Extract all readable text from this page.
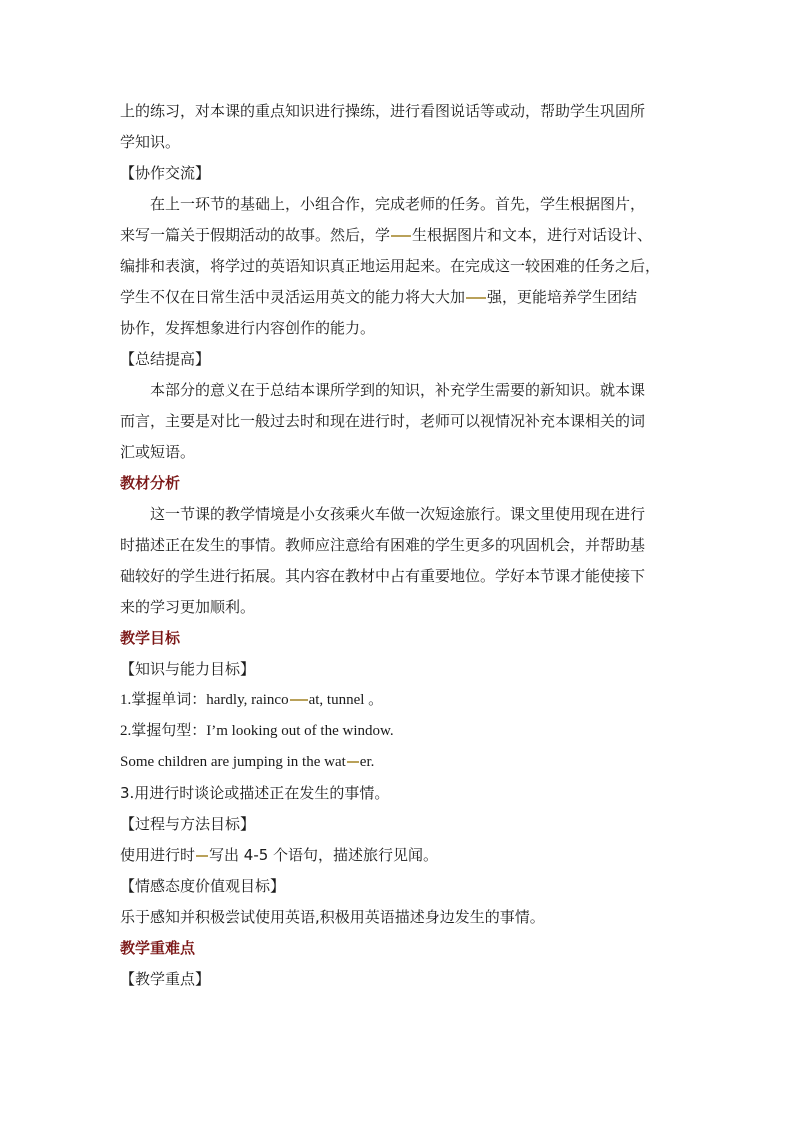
上的练习，对本课的重点知识进行操练，进行看图说话等或动，帮助学生巩固所
学知识。
【协作交流】
在上一环节的基础上，小组合作，完成老师的任务。首先，学生根据图片，
来写一篇关于假期活动的故事。然后，学 生根据图片和文本，进行对话设计、
编排和表演，将学过的英语知识真正地运用起来。在完成这一较困难的任务之后，
学生不仅在日常生活中灵活运用英文的能力将大大加 强，更能培养学生团结
协作，发挥想象进行内容创作的能力。
【总结提高】
本部分的意义在于总结本课所学到的知识，补充学生需要的新知识。就本课
而言，主要是对比一般过去时和现在进行时，老师可以视情况补充本课相关的词
汇或短语。
教材分析
这一节课的教学情境是小女孩乘火车做一次短途旅行。课文里使用现在进行
时描述正在发生的事情。教师应注意给有困难的学生更多的巩固机会，并帮助基
础较好的学生进行拓展。其内容在教材中占有重要地位。学好本节课才能使接下
来的学习更加顺利。
教学目标
【知识与能力目标】
1.掌握单词：hardly, rainco at, tunnel 。
2.掌握句型：I’m looking out of the window.
Some children are jumping in the wat er.
3.用进行时谈论或描述正在发生的事情。
【过程与方法目标】
使用进行时 写出 4-5 个语句，描述旅行见闻。
【情感态度价值观目标】
乐于感知并积极尝试使用英语,积极用英语描述身边发生的事情。
教学重难点
【教学重点】
